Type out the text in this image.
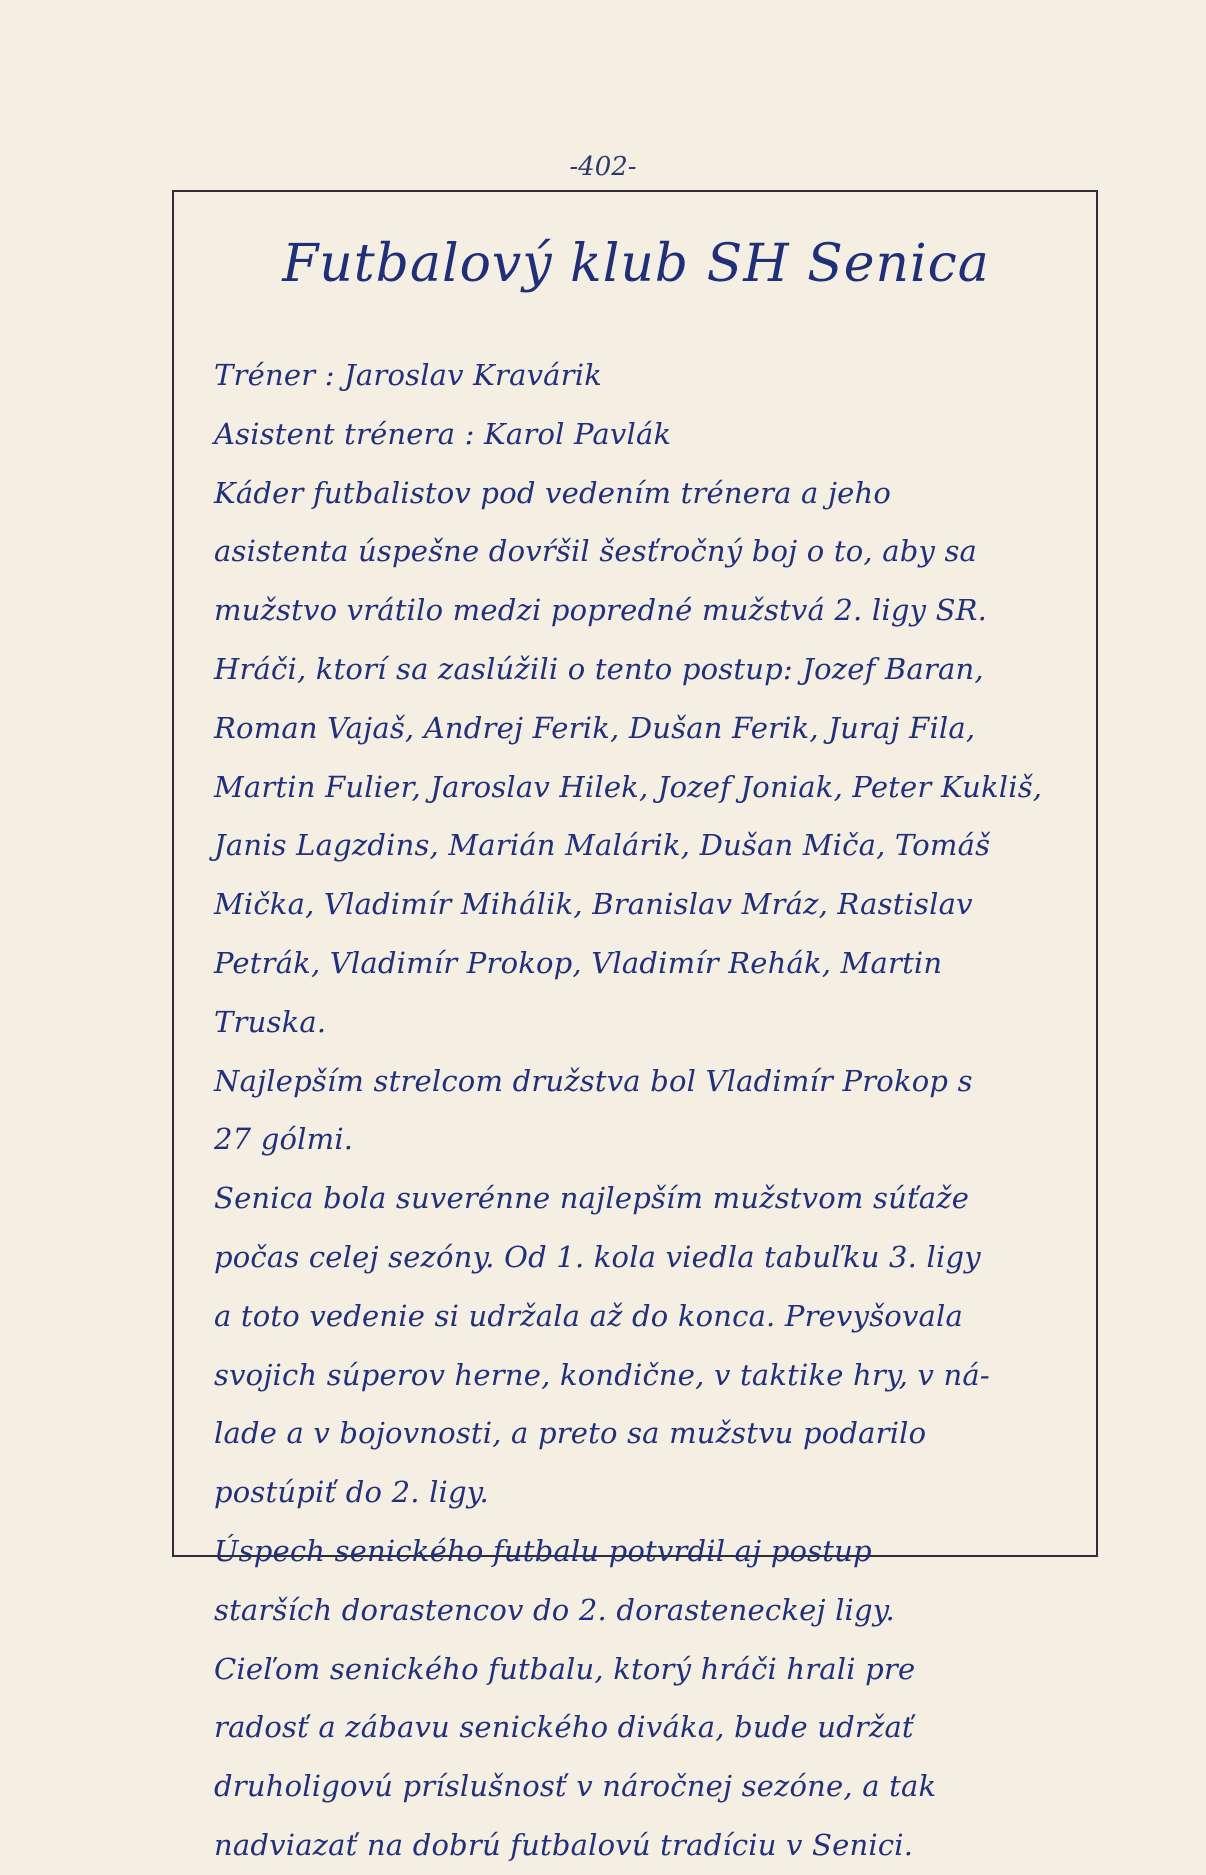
-402-
Futbalový klub SH Senica
Tréner : Jaroslav Kravárik
Asistent trénera : Karol Pavlák
Káder futbalistov pod vedením trénera a jeho
asistenta úspešne dovŕšil šesťročný boj o to, aby sa
mužstvo vrátilo medzi popredné mužstvá 2. ligy SR.
Hráči, ktorí sa zaslúžili o tento postup: Jozef Baran,
Roman Vajaš, Andrej Ferik, Dušan Ferik, Juraj Fila,
Martin Fulier, Jaroslav Hilek, Jozef Joniak, Peter Kukliš,
Janis Lagzdins, Marián Malárik, Dušan Miča, Tomáš
Mička, Vladimír Mihálik, Branislav Mráz, Rastislav
Petrák, Vladimír Prokop, Vladimír Rehák, Martin
Truska.
Najlepším strelcom družstva bol Vladimír Prokop s
27 gólmi.
Senica bola suverénne najlepším mužstvom súťaže
počas celej sezóny. Od 1. kola viedla tabuľku 3. ligy
a toto vedenie si udržala až do konca. Prevyšovala
svojich súperov herne, kondične, v taktike hry, v ná-
lade a v bojovnosti, a preto sa mužstvu podarilo
postúpiť do 2. ligy.
Úspech senického futbalu potvrdil aj postup
starších dorastencov do 2. dorasteneckej ligy.
Cieľom senického futbalu, ktorý hráči hrali pre
radosť a zábavu senického diváka, bude udržať
druholigovú príslušnosť v náročnej sezóne, a tak
nadviazať na dobrú futbalovú tradíciu v Senici.
